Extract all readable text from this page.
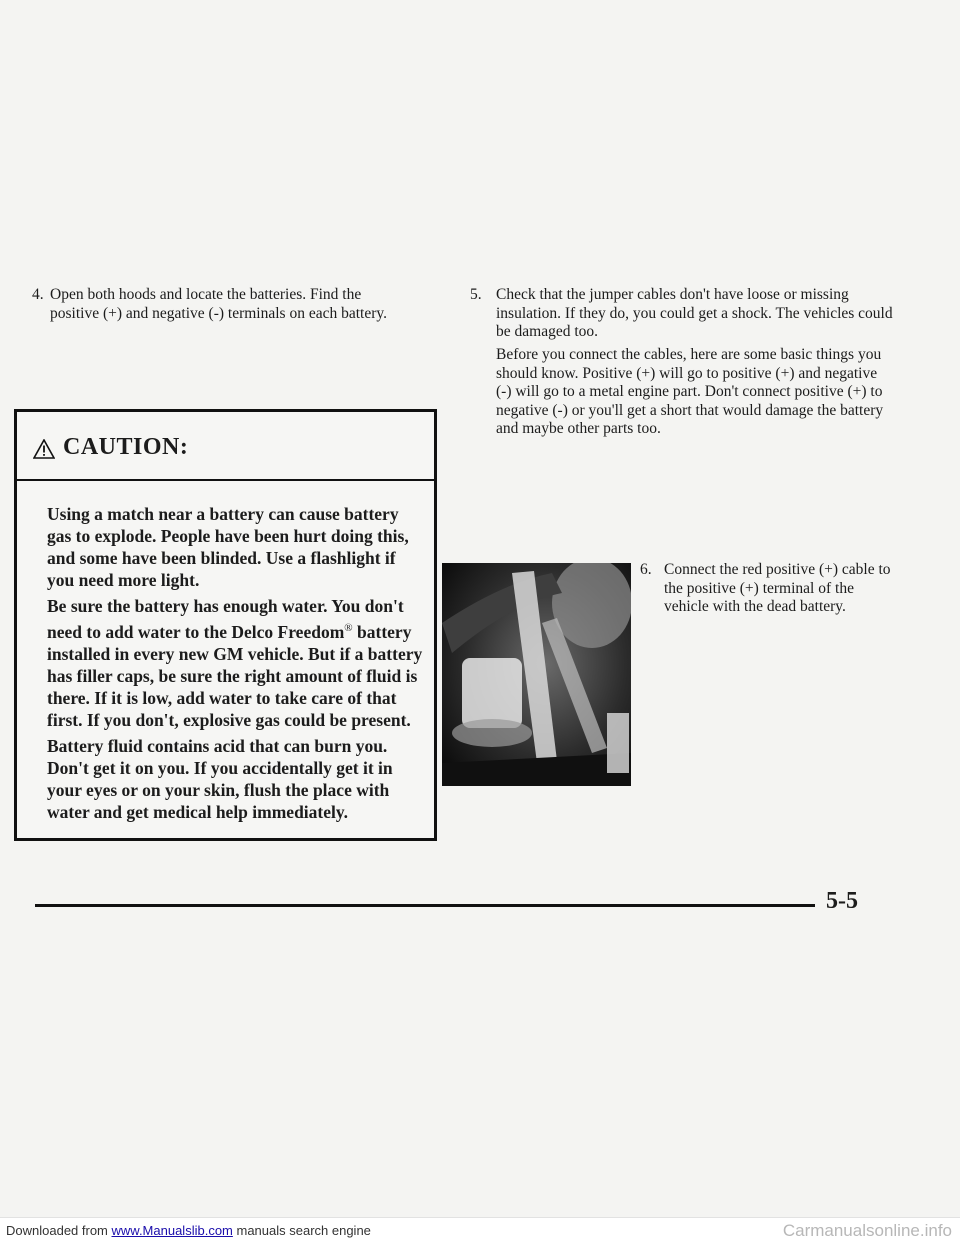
4. Open both hoods and locate the batteries. Find the positive (+) and negative (-) terminals on each battery.
CAUTION:

Using a match near a battery can cause battery gas to explode. People have been hurt doing this, and some have been blinded. Use a flashlight if you need more light.

Be sure the battery has enough water. You don't need to add water to the Delco Freedom® battery installed in every new GM vehicle. But if a battery has filler caps, be sure the right amount of fluid is there. If it is low, add water to take care of that first. If you don't, explosive gas could be present.

Battery fluid contains acid that can burn you. Don't get it on you. If you accidentally get it in your eyes or on your skin, flush the place with water and get medical help immediately.

5. Check that the jumper cables don't have loose or missing insulation. If they do, you could get a shock. The vehicles could be damaged too.

Before you connect the cables, here are some basic things you should know. Positive (+) will go to positive (+) and negative (-) will go to a metal engine part. Don't connect positive (+) to negative (-) or you'll get a short that would damage the battery and maybe other parts too.

6. Connect the red positive (+) cable to the positive (+) terminal of the vehicle with the dead battery.
5-5
Downloaded from www.Manualslib.com manuals search engine	Carmanualsonline.info
